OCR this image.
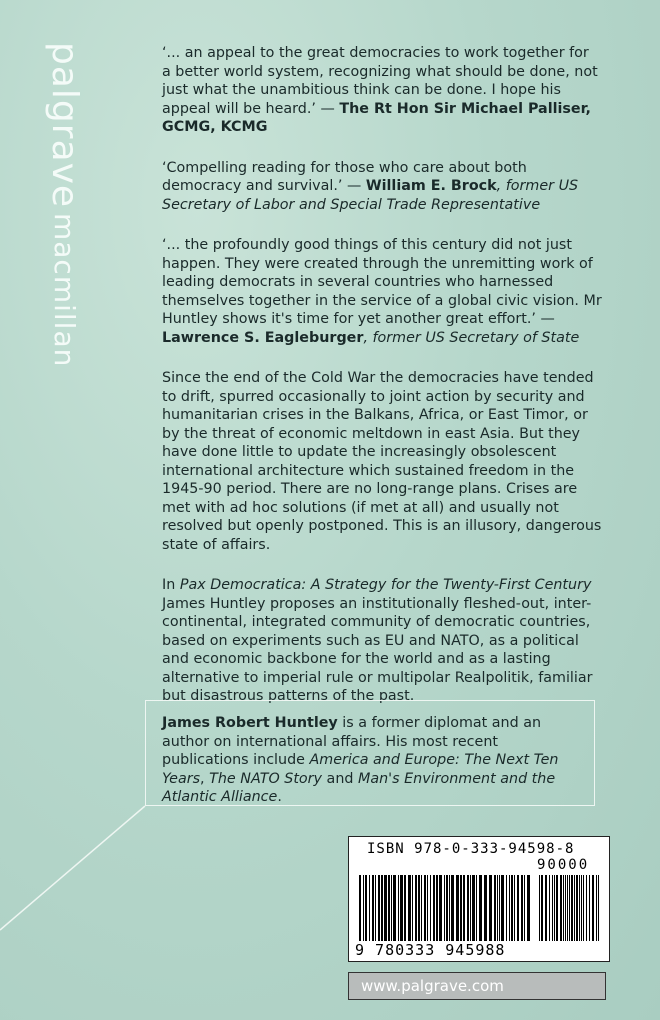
palgrave macmillan

‘... an appeal to the great democracies to work together for a better world system, recognizing what should be done, not just what the unambitious think can be done. I hope his appeal will be heard.’ — The Rt Hon Sir Michael Palliser, GCMG, KCMG

‘Compelling reading for those who care about both democracy and survival.’ — William E. Brock, former US Secretary of Labor and Special Trade Representative

‘... the profoundly good things of this century did not just happen. They were created through the unremitting work of leading democrats in several countries who harnessed themselves together in the service of a global civic vision. Mr Huntley shows it's time for yet another great effort.’ — Lawrence S. Eagleburger, former US Secretary of State

Since the end of the Cold War the democracies have tended to drift, spurred occasionally to joint action by security and humanitarian crises in the Balkans, Africa, or East Timor, or by the threat of economic meltdown in east Asia. But they have done little to update the increasingly obsolescent international architecture which sustained freedom in the 1945-90 period. There are no long-range plans. Crises are met with ad hoc solutions (if met at all) and usually not resolved but openly postponed. This is an illusory, dangerous state of affairs.

In Pax Democratica: A Strategy for the Twenty-First Century James Huntley proposes an institutionally fleshed-out, inter-continental, integrated community of democratic countries, based on experiments such as EU and NATO, as a political and economic backbone for the world and as a lasting alternative to imperial rule or multipolar Realpolitik, familiar but disastrous patterns of the past.

James Robert Huntley is a former diplomat and an author on international affairs. His most recent publications include America and Europe: The Next Ten Years, The NATO Story and Man's Environment and the Atlantic Alliance.

ISBN 978-0-333-94598-8
90000
9 780333 945988
www.palgrave.com
